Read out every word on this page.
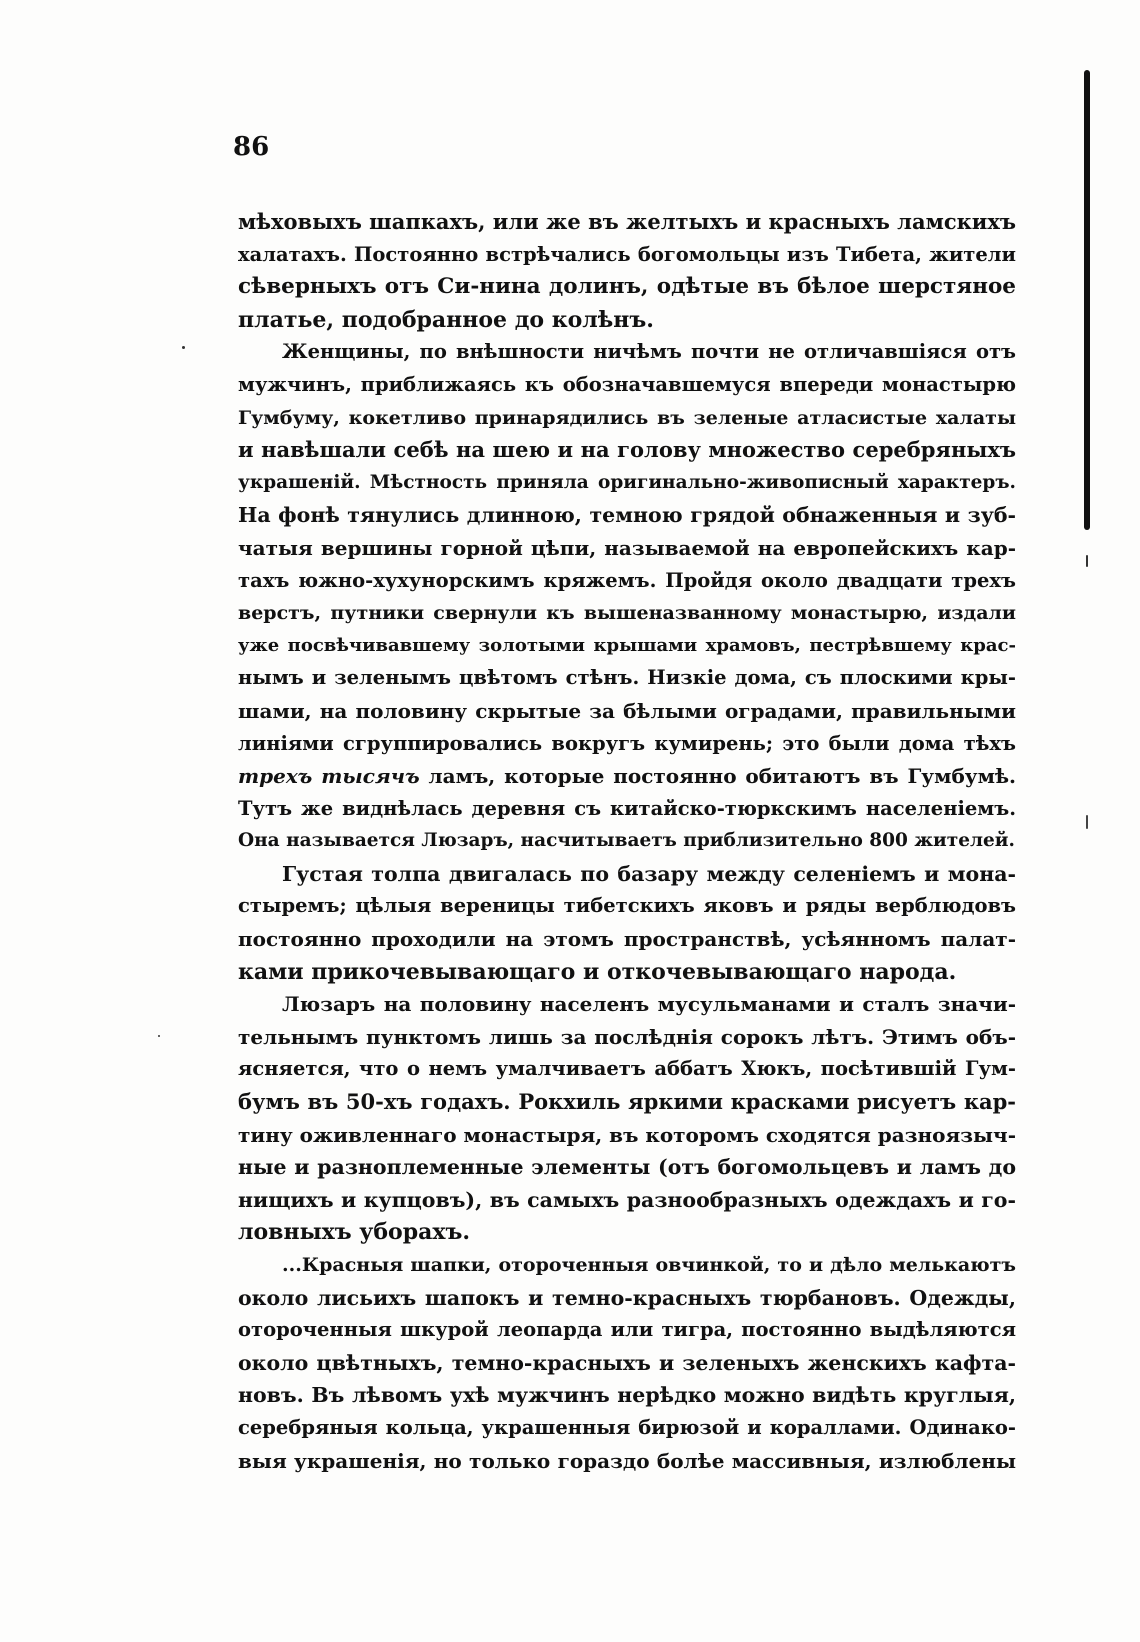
86

мѣховыхъ шапкахъ, или же въ желтыхъ и красныхъ ламскихъ
халатахъ. Постоянно встрѣчались богомольцы изъ Тибета, жители
сѣверныхъ отъ Си-нина долинъ, одѣтые въ бѣлое шерстяное
платье, подобранное до колѣнъ.

Женщины, по внѣшности ничѣмъ почти не отличавшіяся отъ
мужчинъ, приближаясь къ обозначавшемуся впереди монастырю
Гумбуму, кокетливо принарядились въ зеленые атласистые халаты
и навѣшали себѣ на шею и на голову множество серебряныхъ
украшеній. Мѣстность приняла оригинально-живописный характеръ.
На фонѣ тянулись длинною, темною грядой обнаженныя и зуб-
чатыя вершины горной цѣпи, называемой на европейскихъ кар-
тахъ южно-хухунорскимъ кряжемъ. Пройдя около двадцати трехъ
верстъ, путники свернули къ вышеназванному монастырю, издали
уже посвѣчивавшему золотыми крышами храмовъ, пестрѣвшему крас-
нымъ и зеленымъ цвѣтомъ стѣнъ. Низкіе дома, съ плоскими кры-
шами, на половину скрытые за бѣлыми оградами, правильными
линіями сгруппировались вокругъ кумирень; это были дома тѣхъ
трехъ тысячъ ламъ, которые постоянно обитаютъ въ Гумбумѣ.
Тутъ же виднѣлась деревня съ китайско-тюркскимъ населеніемъ.
Она называется Люзаръ, насчитываетъ приблизительно 800 жителей.

Густая толпа двигалась по базару между селеніемъ и мона-
стыремъ; цѣлыя вереницы тибетскихъ яковъ и ряды верблюдовъ
постоянно проходили на этомъ пространствѣ, усѣянномъ палат-
ками прикочевывающаго и откочевывающаго народа.

Люзаръ на половину населенъ мусульманами и сталъ значи-
тельнымъ пунктомъ лишь за послѣднія сорокъ лѣтъ. Этимъ объ-
ясняется, что о немъ умалчиваетъ аббатъ Хюкъ, посѣтившій Гум-
бумъ въ 50-хъ годахъ. Рокхиль яркими красками рисуетъ кар-
тину оживленнаго монастыря, въ которомъ сходятся разноязыч-
ные и разноплеменные элементы (отъ богомольцевъ и ламъ до
нищихъ и купцовъ), въ самыхъ разнообразныхъ одеждахъ и го-
ловныхъ уборахъ.

...Красныя шапки, отороченныя овчинкой, то и дѣло мелькаютъ
около лисьихъ шапокъ и темно-красныхъ тюрбановъ. Одежды,
отороченныя шкурой леопарда или тигра, постоянно выдѣляются
около цвѣтныхъ, темно-красныхъ и зеленыхъ женскихъ кафта-
новъ. Въ лѣвомъ ухѣ мужчинъ нерѣдко можно видѣть круглыя,
серебряныя кольца, украшенныя бирюзой и кораллами. Одинако-
выя украшенія, но только гораздо болѣе массивныя, излюблены
